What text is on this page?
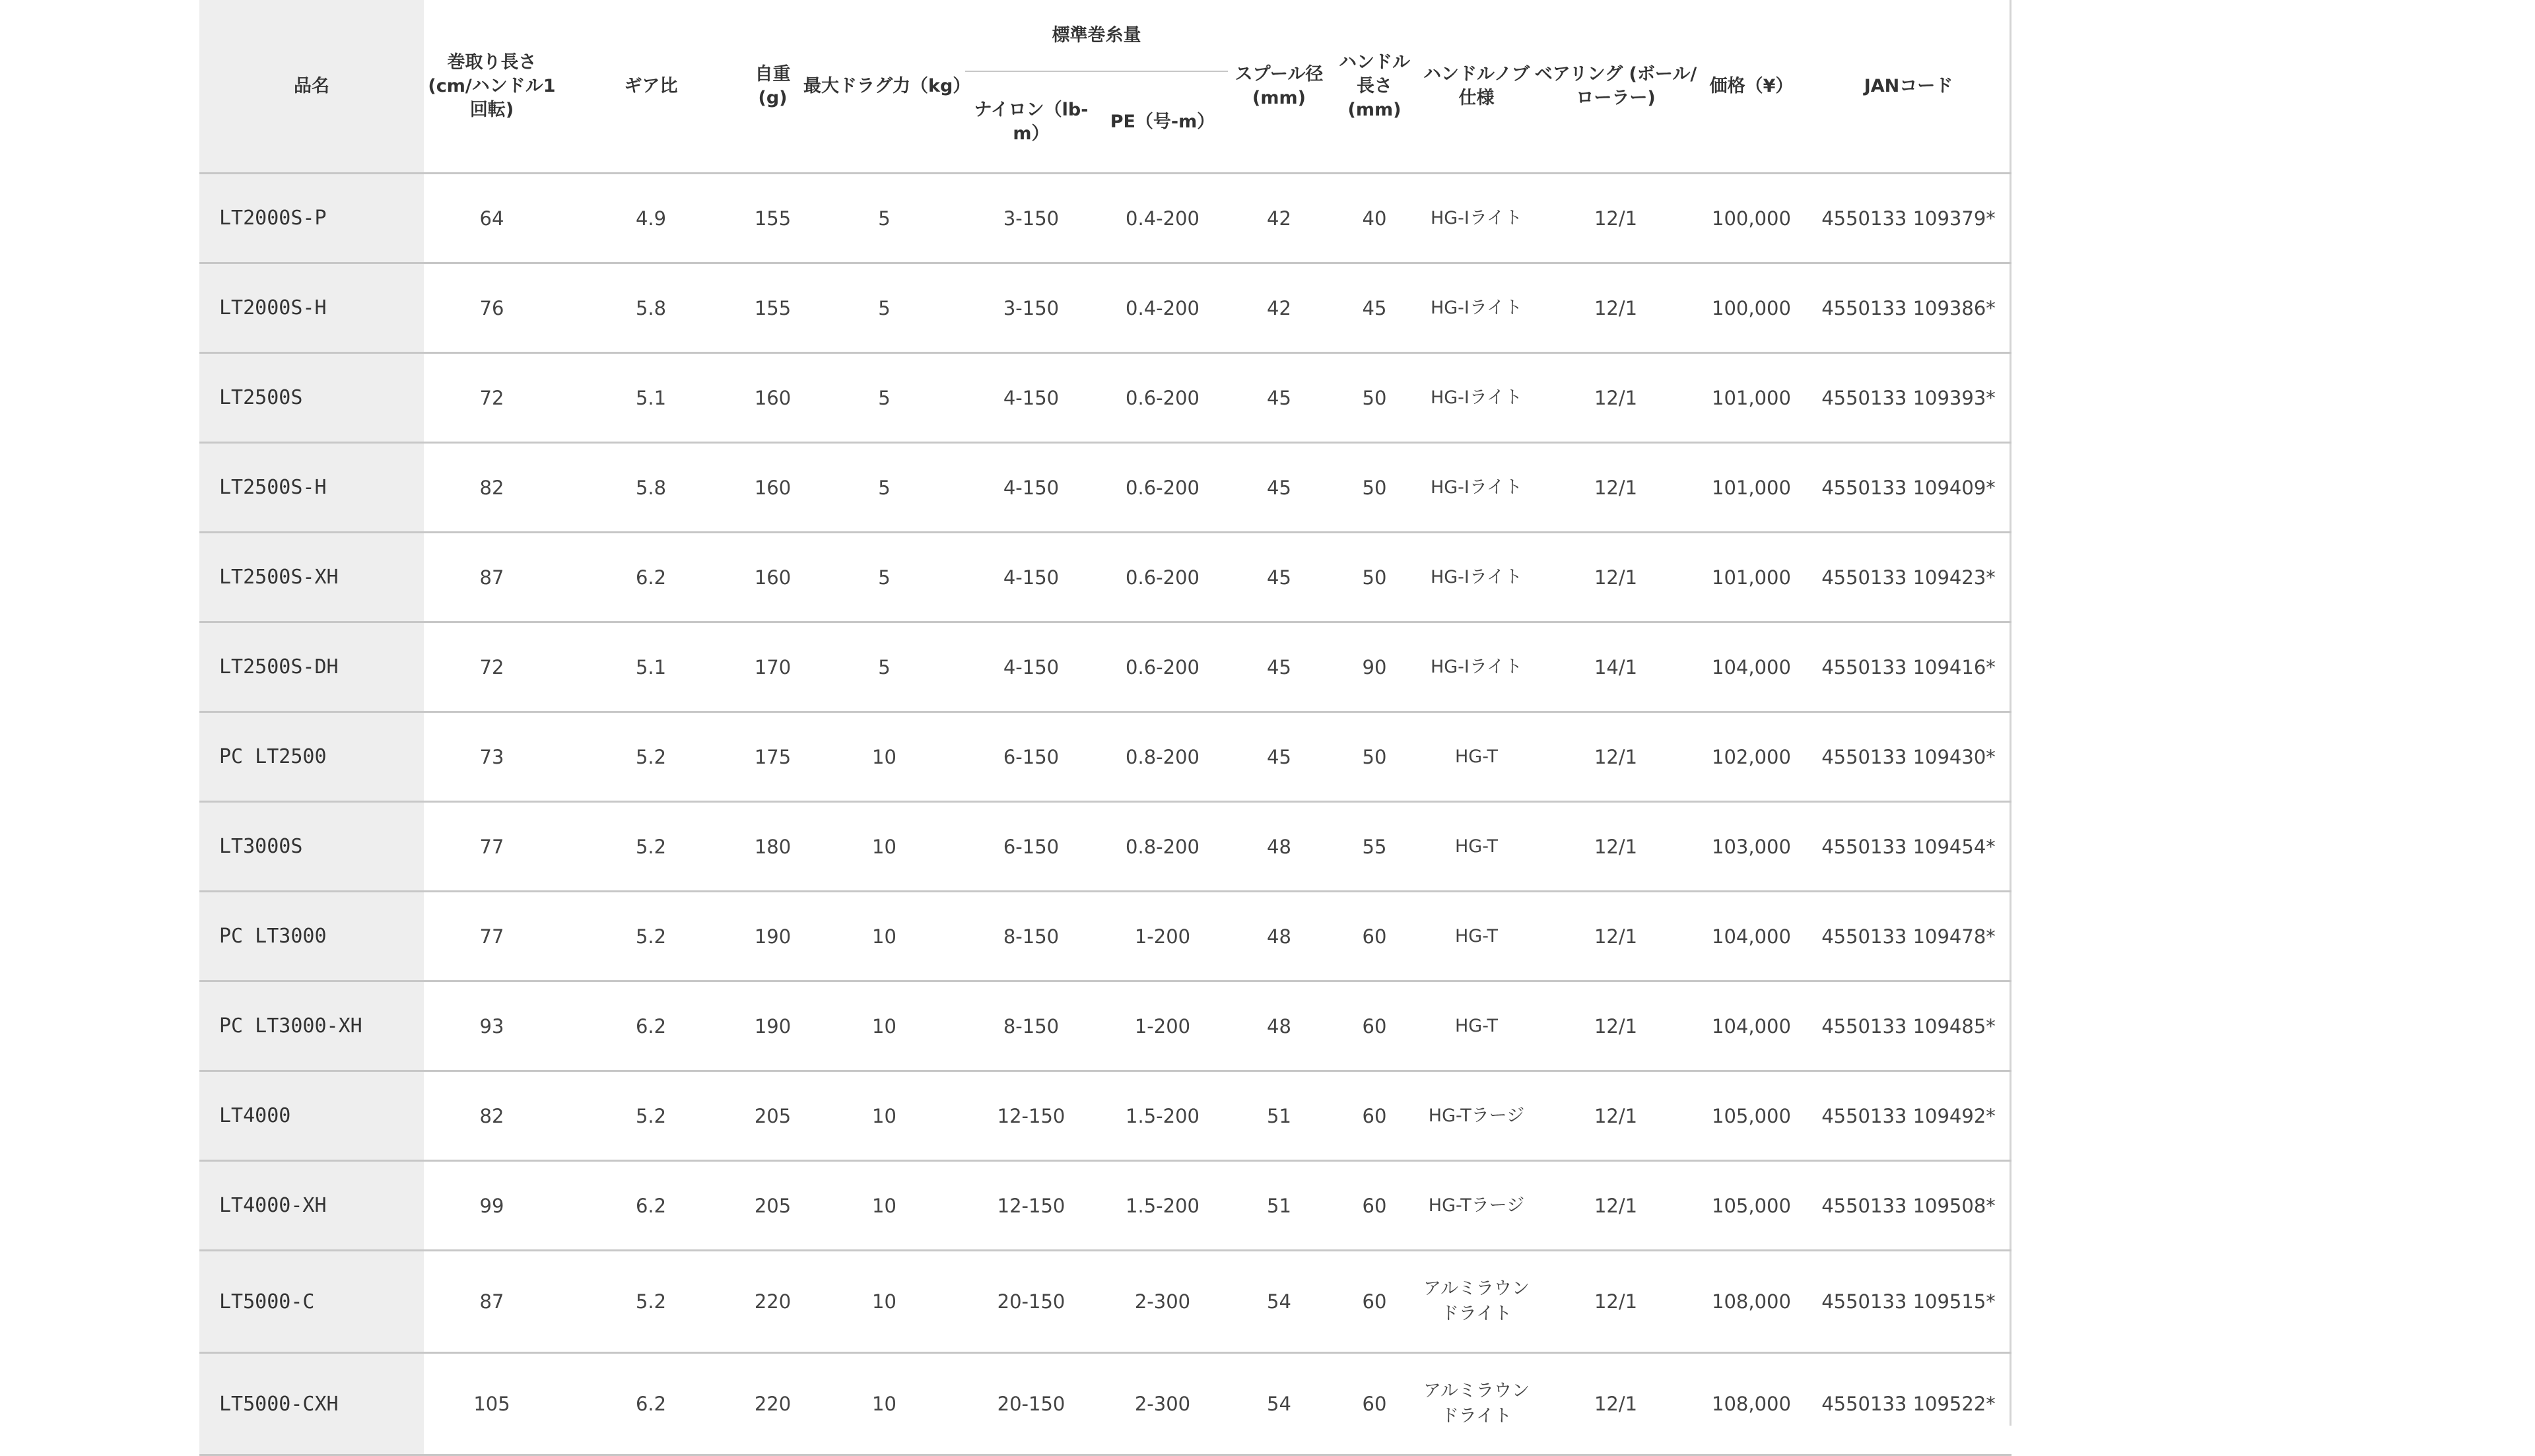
品名	巻取り長さ (cm/ハンドル1回転)	ギア比	自重 (g)	最大ドラグ力（kg）	標準巻糸量		スプール径 (mm)	ハンドル長さ (mm)	ハンドルノブ仕様	ベアリング (ボール/ローラー)	価格（¥）	JANコード
					ナイロン（lb-m）	PE（号-m）						
LT2000S-P	64	4.9	155	5	3-150	0.4-200	42	40	HG-Iライト	12/1	100,000	4550133 109379*
LT2000S-H	76	5.8	155	5	3-150	0.4-200	42	45	HG-Iライト	12/1	100,000	4550133 109386*
LT2500S	72	5.1	160	5	4-150	0.6-200	45	50	HG-Iライト	12/1	101,000	4550133 109393*
LT2500S-H	82	5.8	160	5	4-150	0.6-200	45	50	HG-Iライト	12/1	101,000	4550133 109409*
LT2500S-XH	87	6.2	160	5	4-150	0.6-200	45	50	HG-Iライト	12/1	101,000	4550133 109423*
LT2500S-DH	72	5.1	170	5	4-150	0.6-200	45	90	HG-Iライト	14/1	104,000	4550133 109416*
PC LT2500	73	5.2	175	10	6-150	0.8-200	45	50	HG-T	12/1	102,000	4550133 109430*
LT3000S	77	5.2	180	10	6-150	0.8-200	48	55	HG-T	12/1	103,000	4550133 109454*
PC LT3000	77	5.2	190	10	8-150	1-200	48	60	HG-T	12/1	104,000	4550133 109478*
PC LT3000-XH	93	6.2	190	10	8-150	1-200	48	60	HG-T	12/1	104,000	4550133 109485*
LT4000	82	5.2	205	10	12-150	1.5-200	51	60	HG-Tラージ	12/1	105,000	4550133 109492*
LT4000-XH	99	6.2	205	10	12-150	1.5-200	51	60	HG-Tラージ	12/1	105,000	4550133 109508*
LT5000-C	87	5.2	220	10	20-150	2-300	54	60	アルミラウンドライト	12/1	108,000	4550133 109515*
LT5000-CXH	105	6.2	220	10	20-150	2-300	54	60	アルミラウンドライト	12/1	108,000	4550133 109522*
